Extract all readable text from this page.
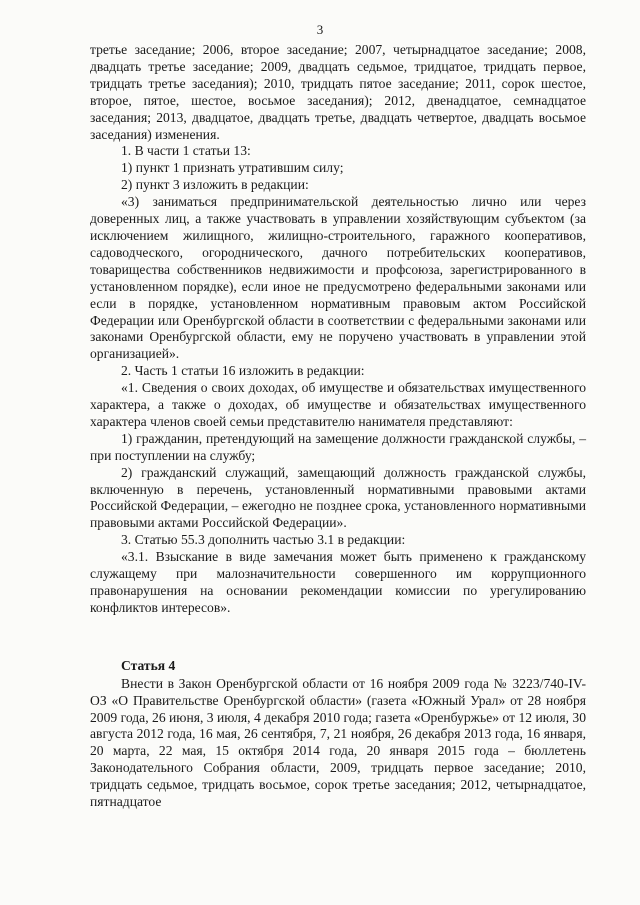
3

третье заседание; 2006, второе заседание; 2007, четырнадцатое заседание; 2008, двадцать третье заседание; 2009, двадцать седьмое, тридцатое, тридцать первое, тридцать третье заседания); 2010, тридцать пятое заседание; 2011, сорок шестое, второе, пятое, шестое, восьмое заседания); 2012, двенадцатое, семнадцатое заседания; 2013, двадцатое, двадцать третье, двадцать четвертое, двадцать восьмое заседания) изменения.

1. В части 1 статьи 13:

1) пункт 1 признать утратившим силу;

2) пункт 3 изложить в редакции:

«3) заниматься предпринимательской деятельностью лично или через доверенных лиц, а также участвовать в управлении хозяйствующим субъектом (за исключением жилищного, жилищно-строительного, гаражного кооперативов, садоводческого, огороднического, дачного потребительских кооперативов, товарищества собственников недвижимости и профсоюза, зарегистрированного в установленном порядке), если иное не предусмотрено федеральными законами или если в порядке, установленном нормативным правовым актом Российской Федерации или Оренбургской области в соответствии с федеральными законами или законами Оренбургской области, ему не поручено участвовать в управлении этой организацией».

2. Часть 1 статьи 16 изложить в редакции:

«1. Сведения о своих доходах, об имуществе и обязательствах имущественного характера, а также о доходах, об имуществе и обязательствах имущественного характера членов своей семьи представителю нанимателя представляют:

1) гражданин, претендующий на замещение должности гражданской службы, – при поступлении на службу;

2) гражданский служащий, замещающий должность гражданской службы, включенную в перечень, установленный нормативными правовыми актами Российской Федерации, – ежегодно не позднее срока, установленного нормативными правовыми актами Российской Федерации».

3. Статью 55.3 дополнить частью 3.1 в редакции:

«3.1. Взыскание в виде замечания может быть применено к гражданскому служащему при малозначительности совершенного им коррупционного правонарушения на основании рекомендации комиссии по урегулированию конфликтов интересов».

Статья 4

Внести в Закон Оренбургской области от 16 ноября 2009 года № 3223/740-IV-ОЗ «О Правительстве Оренбургской области» (газета «Южный Урал» от 28 ноября 2009 года, 26 июня, 3 июля, 4 декабря 2010 года; газета «Оренбуржье» от 12 июля, 30 августа 2012 года, 16 мая, 26 сентября, 7, 21 ноября, 26 декабря 2013 года, 16 января, 20 марта, 22 мая, 15 октября 2014 года, 20 января 2015 года – бюллетень Законодательного Собрания области, 2009, тридцать первое заседание; 2010, тридцать седьмое, тридцать восьмое, сорок третье заседания; 2012, четырнадцатое, пятнадцатое
